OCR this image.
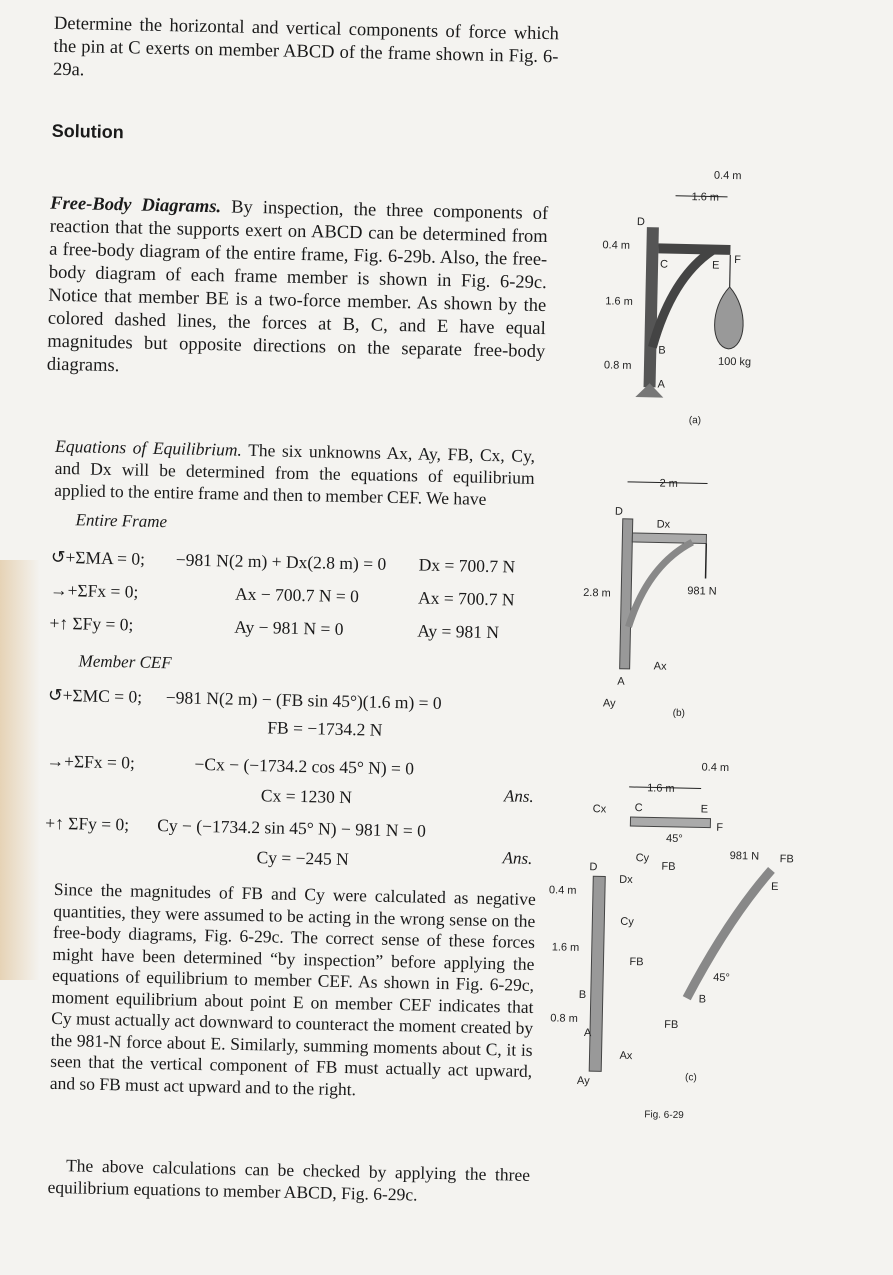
Determine the horizontal and vertical components of force which the pin at C exerts on member ABCD of the frame shown in Fig. 6-29a.
Solution
Free-Body Diagrams. By inspection, the three components of reaction that the supports exert on ABCD can be determined from a free-body diagram of the entire frame, Fig. 6-29b. Also, the free-body diagram of each frame member is shown in Fig. 6-29c. Notice that member BE is a two-force member. As shown by the colored dashed lines, the forces at B, C, and E have equal magnitudes but opposite directions on the separate free-body diagrams.
Equations of Equilibrium. The six unknowns Ax, Ay, FB, Cx, Cy, and Dx will be determined from the equations of equilibrium applied to the entire frame and then to member CEF. We have
Entire Frame
↺+ΣMA = 0; −981 N(2 m) + Dx(2.8 m) = 0 Dx = 700.7 N
→+ΣFx = 0;	Ax − 700.7 N = 0	Ax = 700.7 N
+↑ ΣFy = 0;	Ay − 981 N = 0	Ay = 981 N
Member CEF
↺+ΣMC = 0; −981 N(2 m) − (FB sin 45°)(1.6 m) = 0
FB = −1734.2 N
→+ΣFx = 0;	−Cx − (−1734.2 cos 45° N) = 0
Cx = 1230 N	Ans.
+↑ ΣFy = 0; Cy − (−1734.2 sin 45° N) − 981 N = 0
Cy = −245 N	Ans.
Since the magnitudes of FB and Cy were calculated as negative quantities, they were assumed to be acting in the wrong sense on the free-body diagrams, Fig. 6-29c. The correct sense of these forces might have been determined “by inspection” before applying the equations of equilibrium to member CEF. As shown in Fig. 6-29c, moment equilibrium about point E on member CEF indicates that Cy must actually act downward to counteract the moment created by the 981-N force about E. Similarly, summing moments about C, it is seen that the vertical component of FB must actually act upward, and so FB must act upward and to the right.
The above calculations can be checked by applying the three equilibrium equations to member ABCD, Fig. 6-29c.
1.6 m
0.4 m
0.4 m
1.6 m
0.8 m
D
C	E F
B
A
100 kg
(a)
2 m
981 N
Dx
D
2.8 m
Ax
A
Ay
(b)
1.6 m
0.4 m
Cx
Cy
FB
45°
981 N
C	E
F
D
Dx
0.4 m
1.6 m
0.8 m
Cy
FB
B
A
Ax
Ay
FB
E
B
45°
FB
(c)
Fig. 6-29
